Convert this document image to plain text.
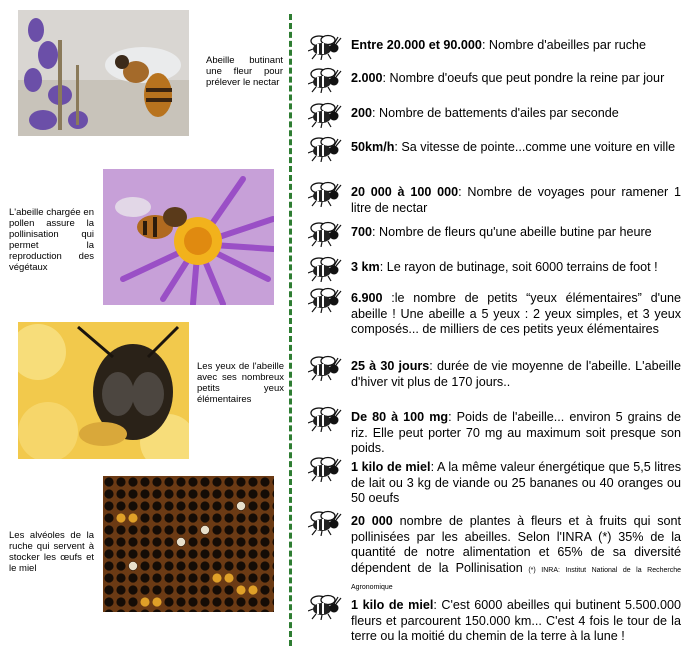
Abeille butinant une fleur pour prélever le nectar
L'abeille chargée en pollen assure la pollinisation qui permet la reproduction des végétaux
Les yeux de l'abeille avec ses nombreux petits yeux élémentaires
Les alvéoles de la ruche qui servent à stocker les œufs et le miel
Entre 20.000 et 90.000: Nombre d'abeilles par ruche
2.000: Nombre d'oeufs que peut pondre la reine par jour
200: Nombre de battements d'ailes par seconde
50km/h: Sa vitesse de pointe...comme une voiture en ville
20 000 à 100 000: Nombre de voyages pour ramener 1 litre de nectar
700: Nombre de fleurs qu'une abeille butine par heure
3 km: Le rayon de butinage, soit 6000 terrains de foot !
6.900 :le nombre de petits “yeux élémentaires” d'une abeille ! Une abeille a 5 yeux : 2 yeux simples, et 3 yeux composés... de milliers de ces petits yeux élémentaires
25 à 30 jours: durée de vie moyenne de l'abeille. L'abeille d'hiver vit plus de 170 jours..
De 80 à 100 mg: Poids de l'abeille... environ 5 grains de riz. Elle peut porter 70 mg au maximum soit presque son poids.
1 kilo de miel: A la même valeur énergétique que 5,5 litres de lait ou 3 kg de viande ou 25 bananes ou 40 oranges ou 50 oeufs
20 000 nombre de plantes à fleurs et à fruits qui sont pollinisées par les abeilles. Selon l'INRA (*) 35% de la quantité de notre alimentation et 65% de sa diversité dépendent de la Pollinisation (*) INRA: Institut National de la Recherche Agronomique
1 kilo de miel: C'est 6000 abeilles qui butinent 5.500.000 fleurs et parcourent 150.000 km... C'est 4 fois le tour de la terre ou la moitié du chemin de la terre à la lune !
